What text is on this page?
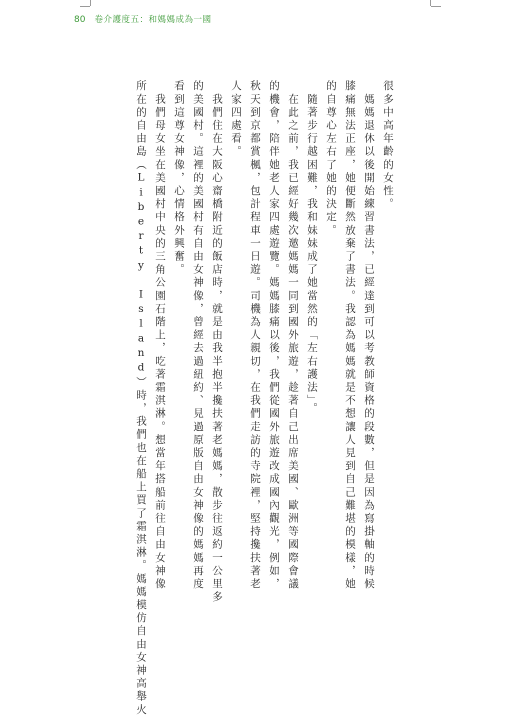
80 卷介護度五：和媽媽成為一國
很多中高年齡的女性。
　媽媽退休以後開始練習書法，已經達到可以考教師資格的段數，但是因為寫掛軸的時候
膝痛無法正座，她便斷然放棄了書法。我認為媽媽就是不想讓人見到自己難堪的模樣，她
的自尊心左右了她的決定。
　隨著步行越困難，我和妹妹成了她當然的「左右護法」。
　在此之前，我已經好幾次邀媽媽一同到國外旅遊，趁著自己出席美國、歐洲等國際會議
的機會，陪伴她老人家四處遊覽。媽媽膝痛以後，我們從國外旅遊改成國內觀光，例如，
秋天到京都賞楓，包計程車一日遊。司機為人親切，在我們走訪的寺院裡，堅持攙扶著老
人家四處看。
　我們住在大阪心齋橋附近的飯店時，就是由我半抱半攙扶著老媽媽，散步往返約一公里多
的美國村。這裡的美國村有自由女神像，曾經去過紐約、見過原版自由女神像的媽媽再度
看到這尊女神像，心情格外興奮。
　我們母女坐在美國村中央的三角公園石階上，吃著霜淇淋。想當年搭船前往自由女神像
所在的自由島（Liberty Island）時，我們也在船上買了霜淇淋。媽媽模仿自由女神高舉火
